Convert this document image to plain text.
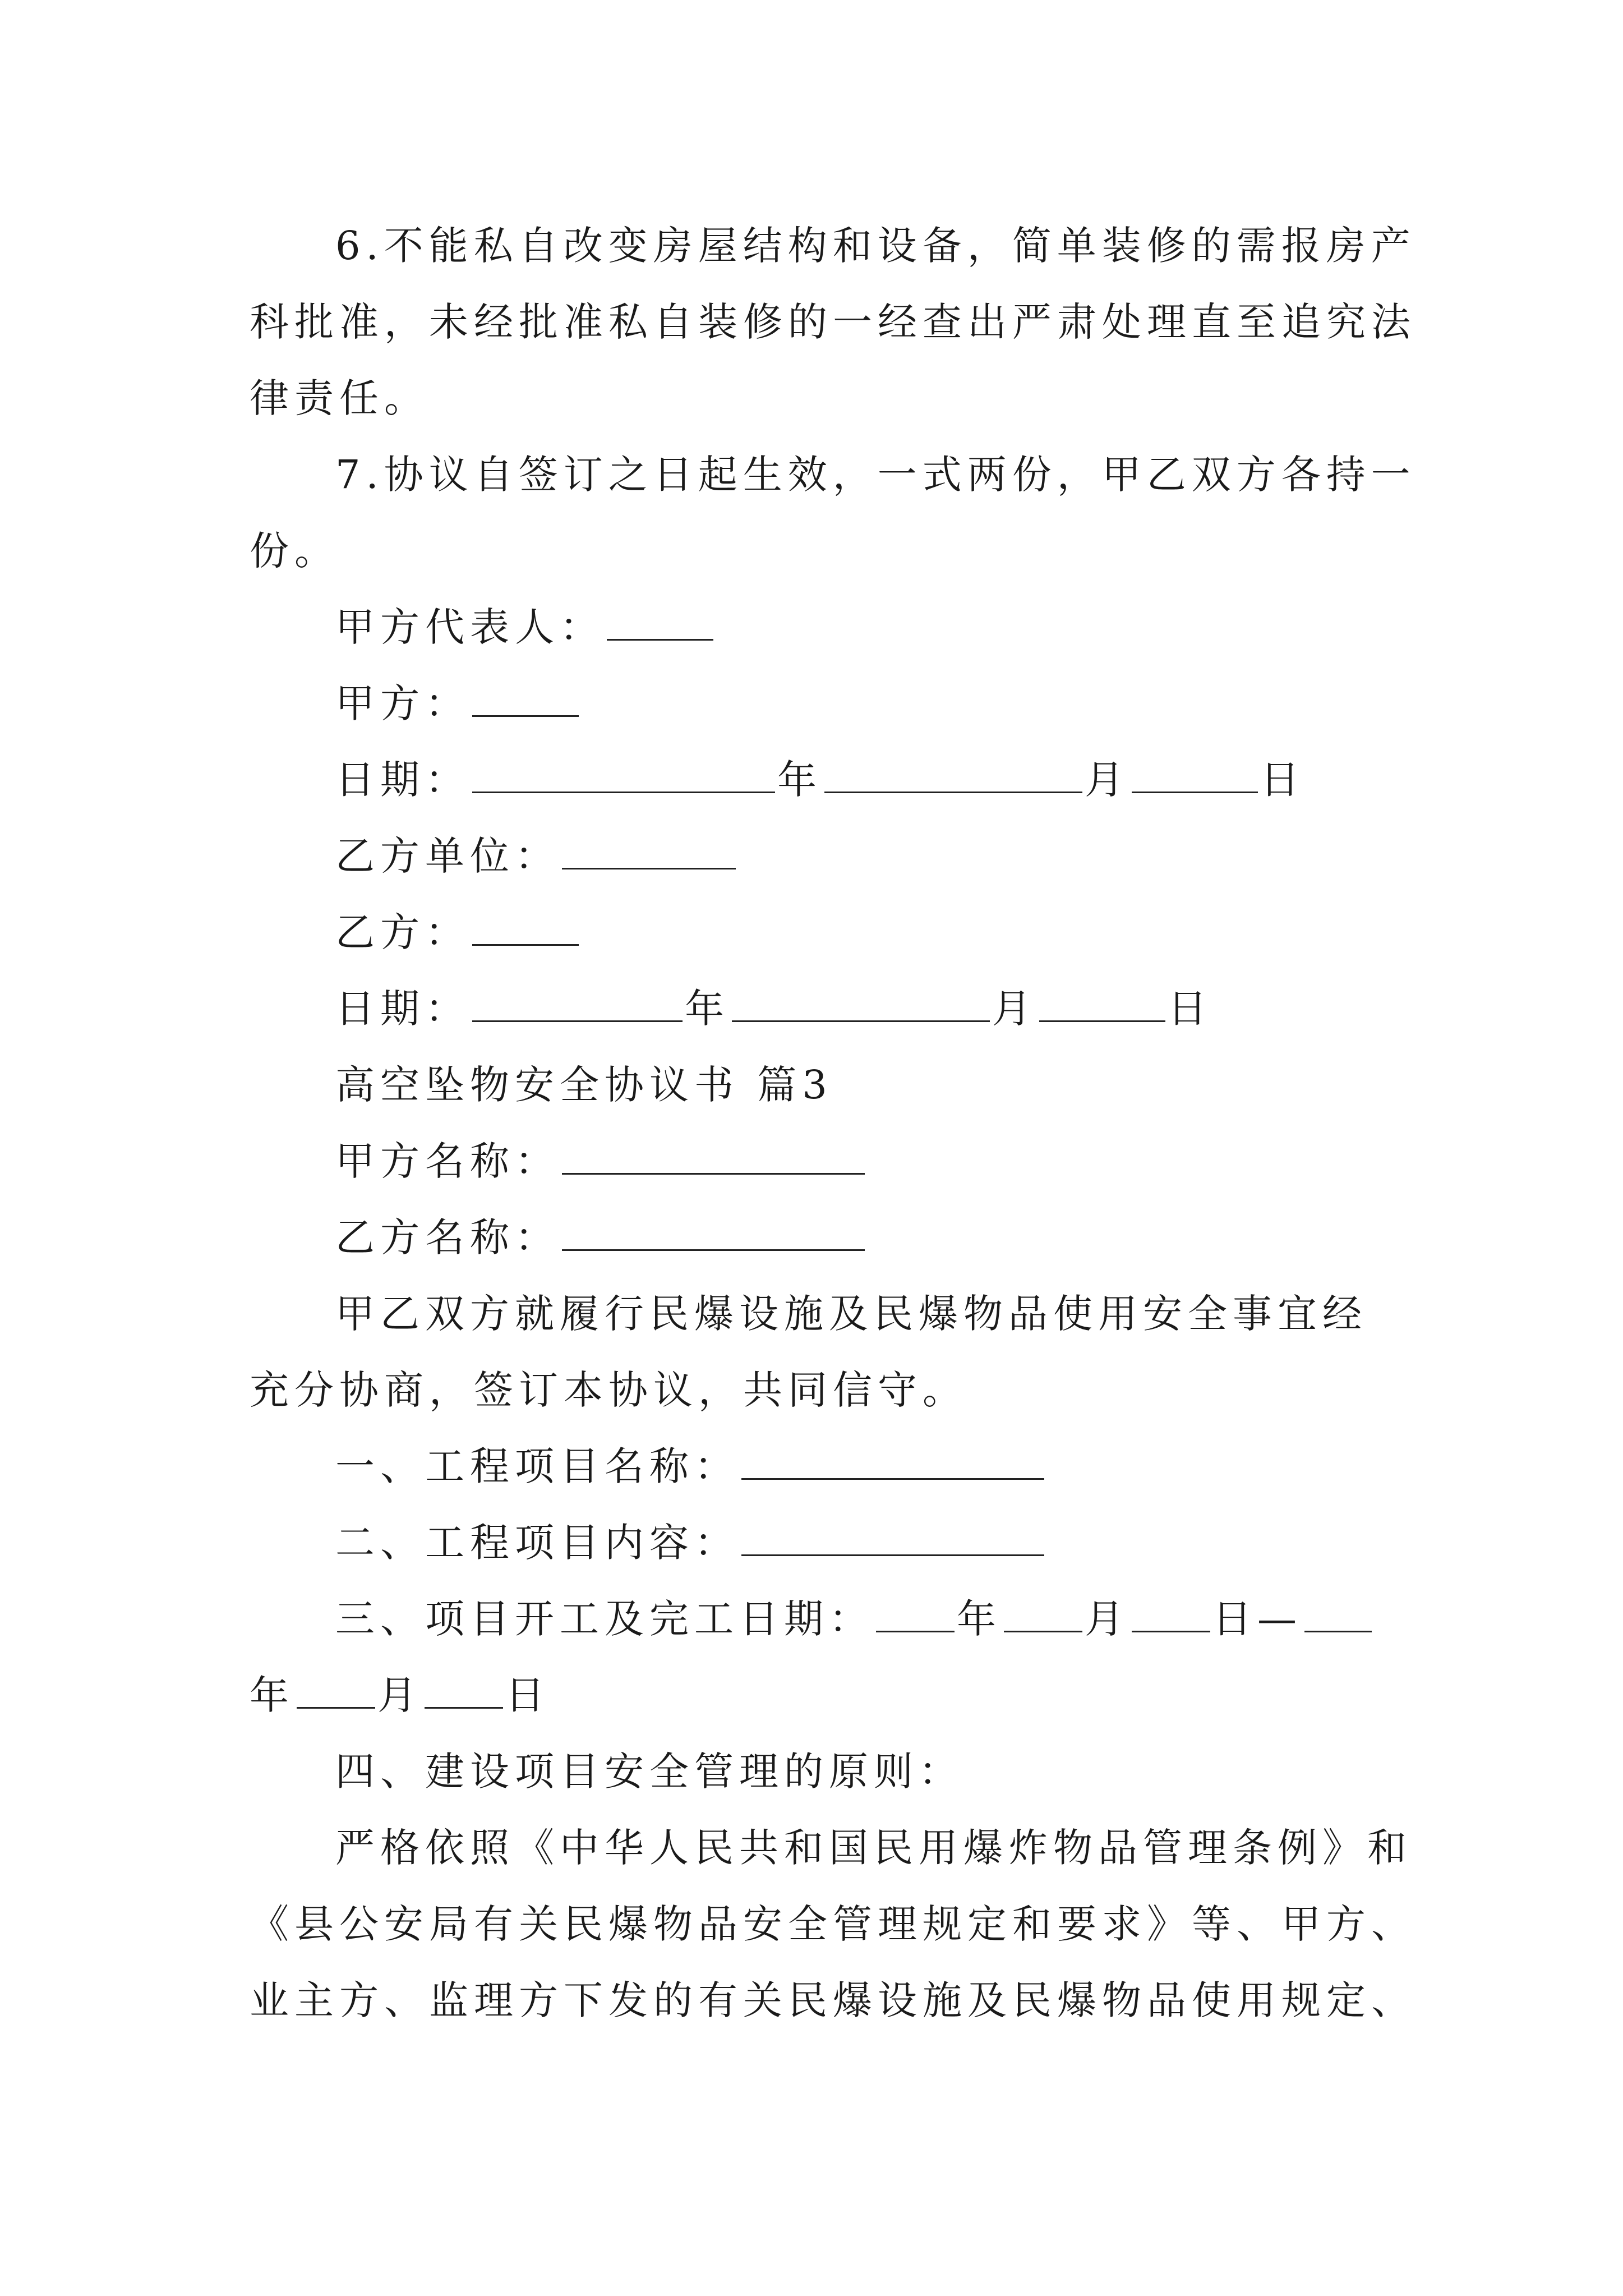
6.不能私自改变房屋结构和设备，简单装修的需报房产
科批准，未经批准私自装修的一经查出严肃处理直至追究法
律责任。
7.协议自签订之日起生效，一式两份，甲乙双方各持一
份。
甲方代表人：
甲方：
日期：	年	月	日
乙方单位：
乙方：
日期：	年	月	日
高空坠物安全协议书 篇3
甲方名称：
乙方名称：
甲乙双方就履行民爆设施及民爆物品使用安全事宜经
充分协商，签订本协议，共同信守。
一、工程项目名称：
二、工程项目内容：
三、项目开工及完工日期： 年 月 日—
年 月 日
四、建设项目安全管理的原则：
严格依照《中华人民共和国民用爆炸物品管理条例》和
《县公安局有关民爆物品安全管理规定和要求》等、甲方、
业主方、监理方下发的有关民爆设施及民爆物品使用规定、
